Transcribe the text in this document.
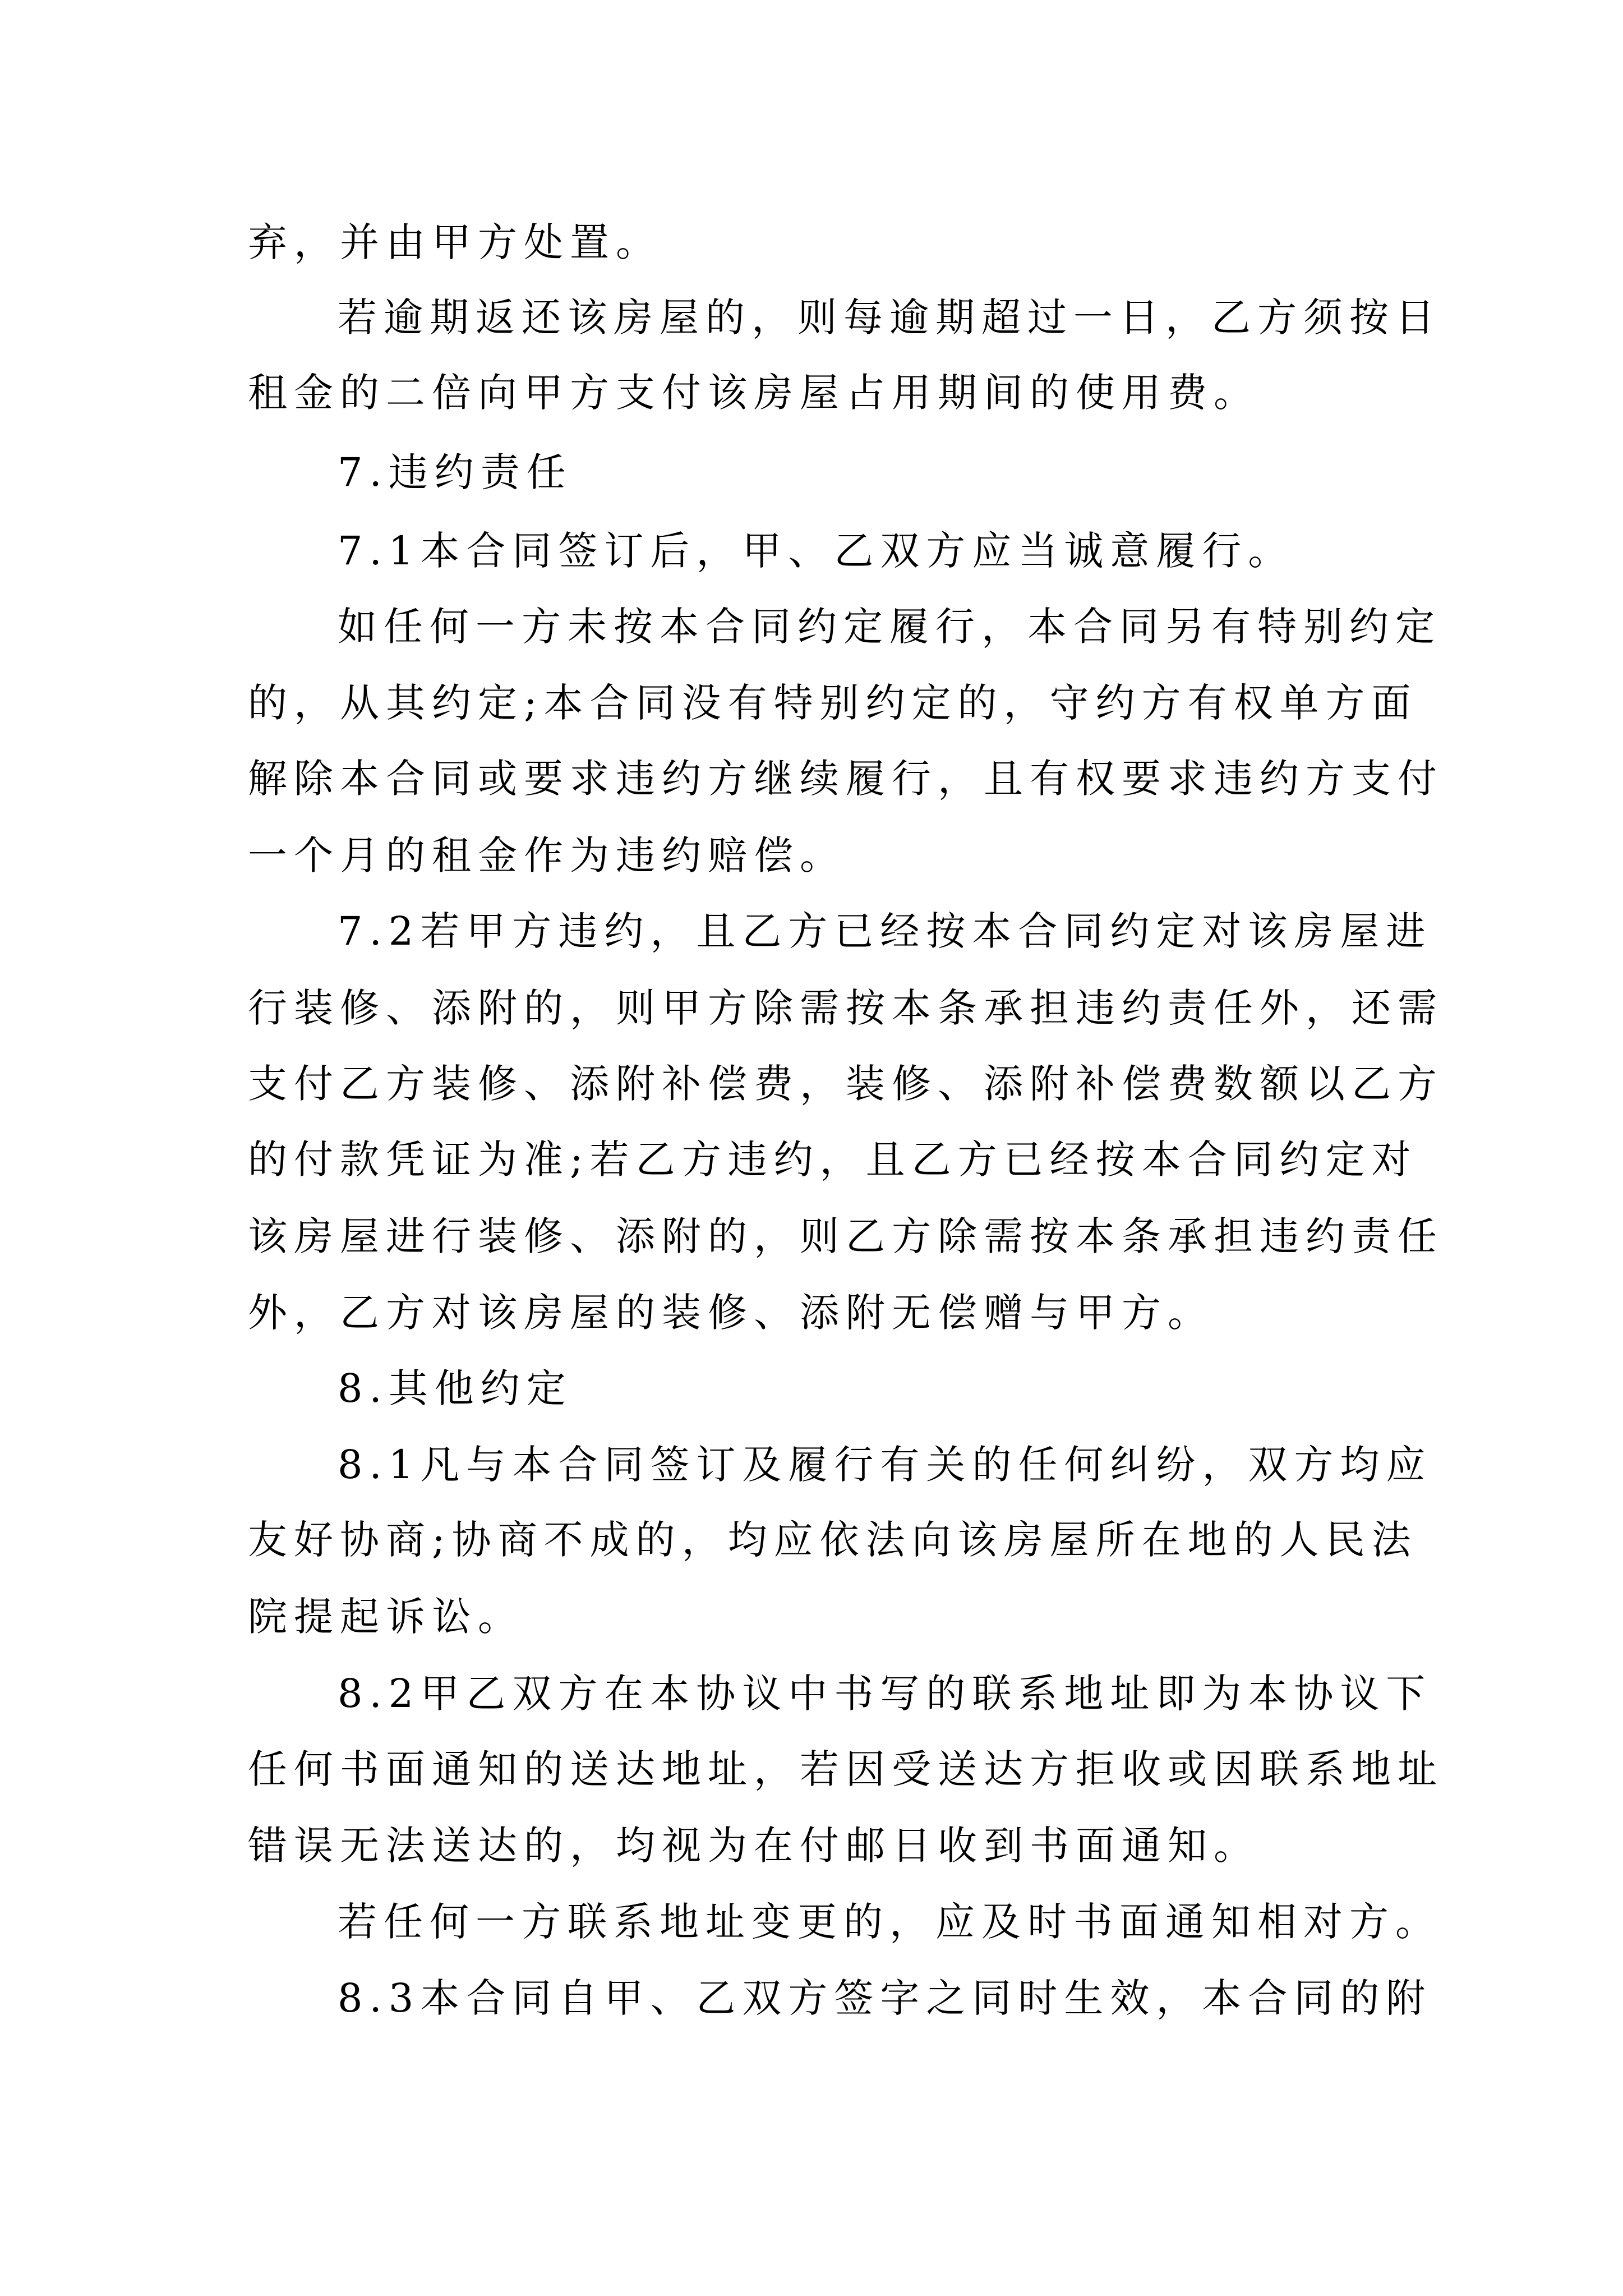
弃，并由甲方处置。
若逾期返还该房屋的，则每逾期超过一日，乙方须按日
租金的二倍向甲方支付该房屋占用期间的使用费。
7.违约责任
7.1本合同签订后，甲、乙双方应当诚意履行。
如任何一方未按本合同约定履行，本合同另有特别约定
的，从其约定;本合同没有特别约定的，守约方有权单方面
解除本合同或要求违约方继续履行，且有权要求违约方支付
一个月的租金作为违约赔偿。
7.2若甲方违约，且乙方已经按本合同约定对该房屋进
行装修、添附的，则甲方除需按本条承担违约责任外，还需
支付乙方装修、添附补偿费，装修、添附补偿费数额以乙方
的付款凭证为准;若乙方违约，且乙方已经按本合同约定对
该房屋进行装修、添附的，则乙方除需按本条承担违约责任
外，乙方对该房屋的装修、添附无偿赠与甲方。
8.其他约定
8.1凡与本合同签订及履行有关的任何纠纷，双方均应
友好协商;协商不成的，均应依法向该房屋所在地的人民法
院提起诉讼。
8.2甲乙双方在本协议中书写的联系地址即为本协议下
任何书面通知的送达地址，若因受送达方拒收或因联系地址
错误无法送达的，均视为在付邮日收到书面通知。
若任何一方联系地址变更的，应及时书面通知相对方。
8.3本合同自甲、乙双方签字之同时生效，本合同的附
